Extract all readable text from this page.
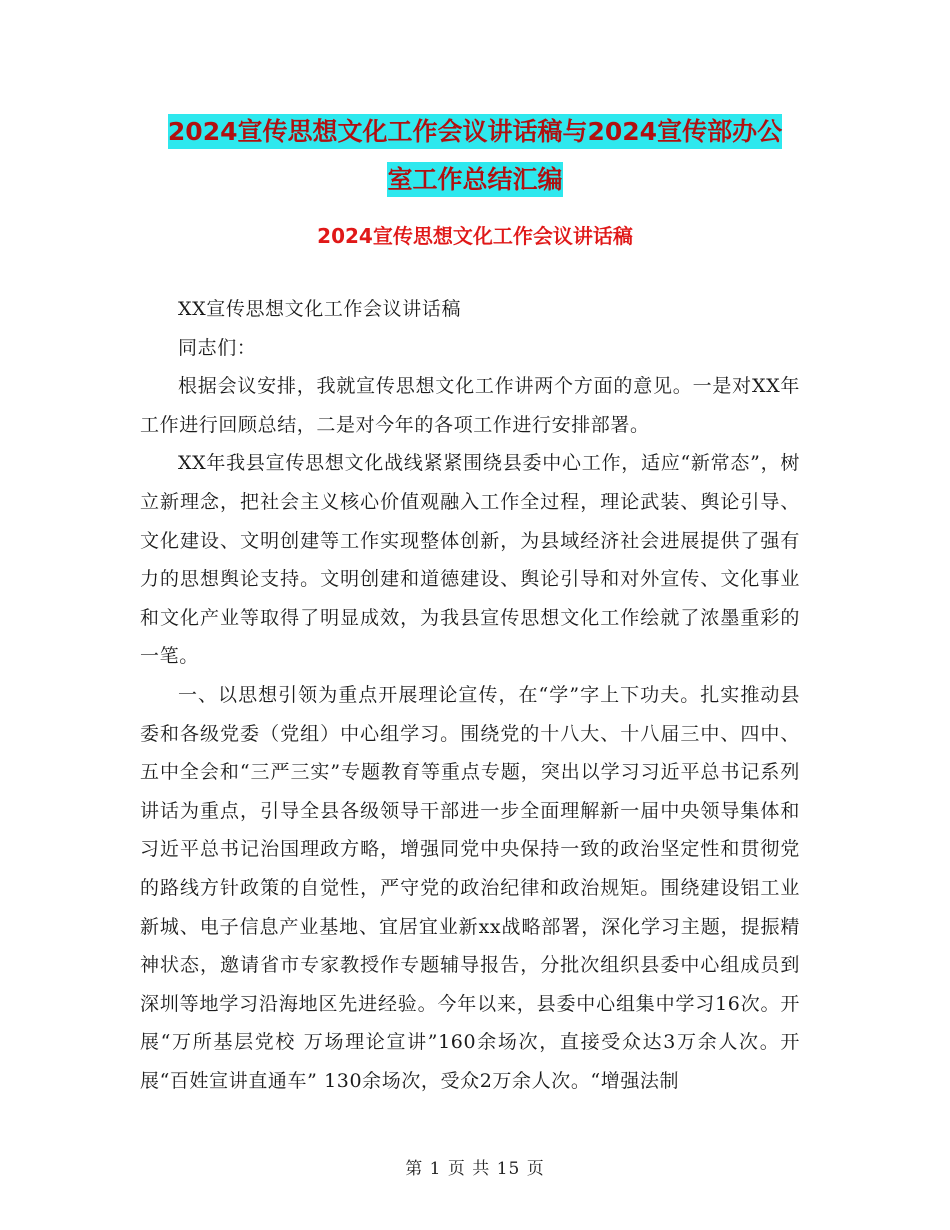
2024宣传思想文化工作会议讲话稿与2024宣传部办公
室工作总结汇编
2024宣传思想文化工作会议讲话稿

XX宣传思想文化工作会议讲话稿

同志们：

根据会议安排，我就宣传思想文化工作讲两个方面的意见。一是对XX年工作进行回顾总结，二是对今年的各项工作进行安排部署。

XX年我县宣传思想文化战线紧紧围绕县委中心工作，适应“新常态”，树立新理念，把社会主义核心价值观融入工作全过程，理论武装、舆论引导、文化建设、文明创建等工作实现整体创新，为县域经济社会进展提供了强有力的思想舆论支持。文明创建和道德建设、舆论引导和对外宣传、文化事业和文化产业等取得了明显成效，为我县宣传思想文化工作绘就了浓墨重彩的一笔。

一、以思想引领为重点开展理论宣传，在“学”字上下功夫。扎实推动县委和各级党委（党组）中心组学习。围绕党的十八大、十八届三中、四中、五中全会和“三严三实”专题教育等重点专题，突出以学习习近平总书记系列讲话为重点，引导全县各级领导干部进一步全面理解新一届中央领导集体和习近平总书记治国理政方略，增强同党中央保持一致的政治坚定性和贯彻党的路线方针政策的自觉性，严守党的政治纪律和政治规矩。围绕建设铝工业新城、电子信息产业基地、宜居宜业新xx战略部署，深化学习主题，提振精神状态，邀请省市专家教授作专题辅导报告，分批次组织县委中心组成员到深圳等地学习沿海地区先进经验。今年以来，县委中心组集中学习16次。开展“万所基层党校 万场理论宣讲”160余场次，直接受众达3万余人次。开展“百姓宣讲直通车” 130余场次，受众2万余人次。“增强法制

第 1 页 共 15 页
